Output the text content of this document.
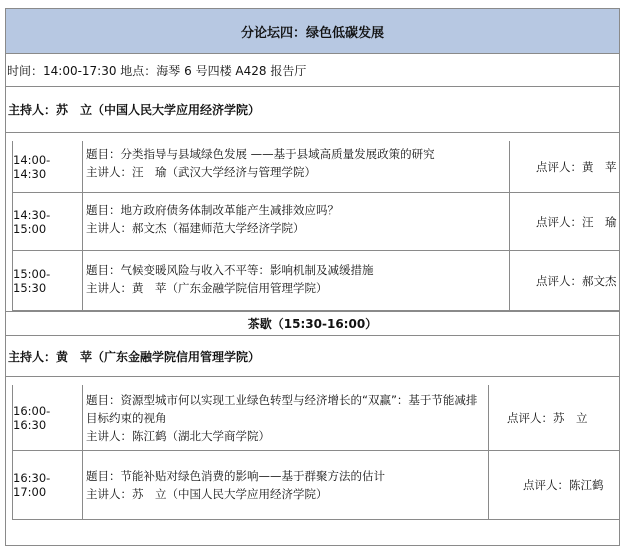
分论坛四：绿色低碳发展
时间：14:00-17:30 地点：海琴 6 号四楼 A428 报告厅
主持人：苏　立（中国人民大学应用经济学院）
14:00-14:30
题目：分类指导与县域绿色发展 ——基于县域高质量发展政策的研究
主讲人：汪　瑜（武汉大学经济与管理学院）	点评人：黄　苹
14:30-15:00
题目：地方政府债务体制改革能产生减排效应吗？
主讲人：郝文杰（福建师范大学经济学院）	点评人：汪　瑜
15:00-15:30
题目：气候变暖风险与收入不平等：影响机制及减缓措施
主讲人：黄　苹（广东金融学院信用管理学院）
点评人：郝文杰
茶歇（15:30-16:00）
主持人：黄　苹（广东金融学院信用管理学院）
16:00-16:30
题目：资源型城市何以实现工业绿色转型与经济增长的“双赢”：基于节能减排目标约束的视角
主讲人：陈江鹤（湖北大学商学院）
点评人：苏　立
16:30-17:00
题目：节能补贴对绿色消费的影响——基于群聚方法的估计
主讲人：苏　立（中国人民大学应用经济学院）
点评人：陈江鹤
